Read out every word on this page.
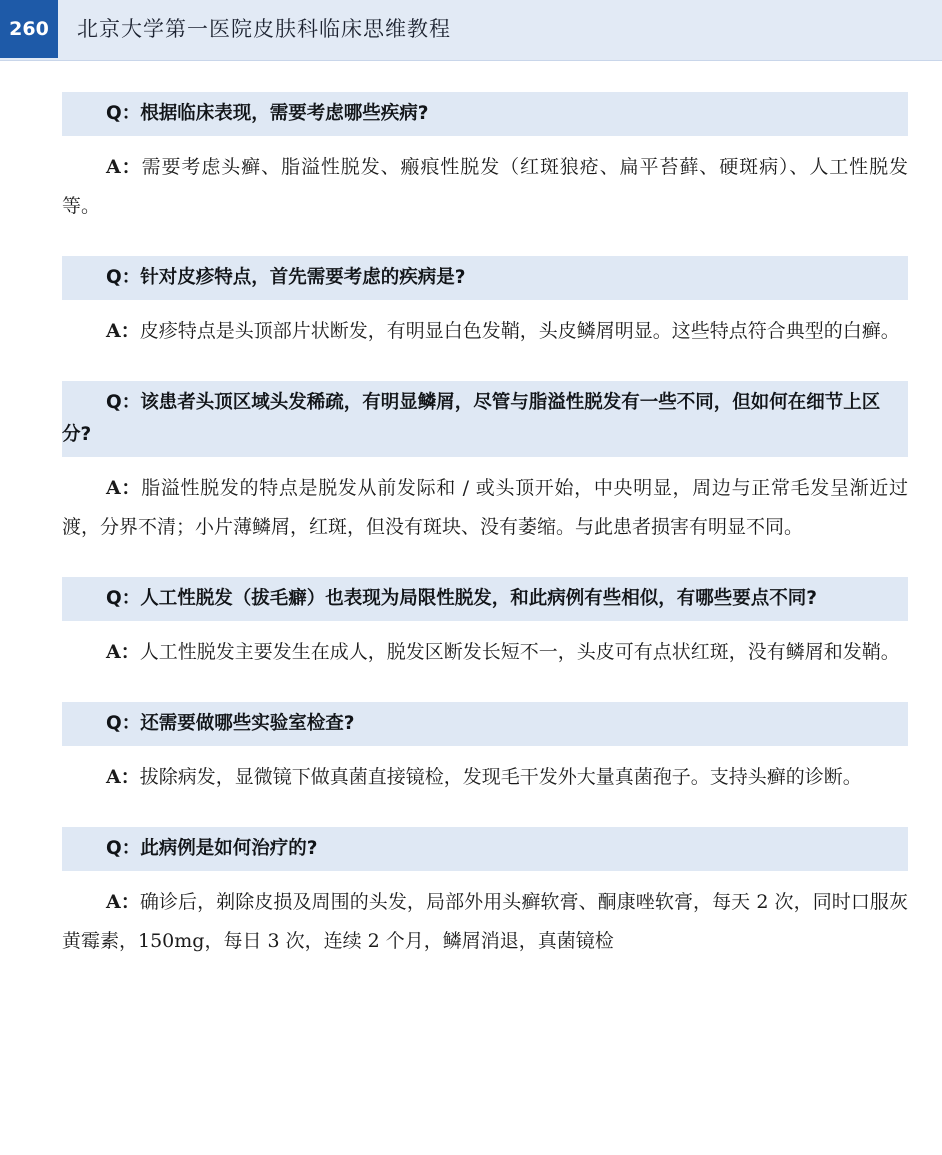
260	北京大学第一医院皮肤科临床思维教程
Q：根据临床表现，需要考虑哪些疾病?
A：需要考虑头癣、脂溢性脱发、瘢痕性脱发（红斑狼疮、扁平苔藓、硬斑病）、人工性脱发等。
Q：针对皮疹特点，首先需要考虑的疾病是?
A：皮疹特点是头顶部片状断发，有明显白色发鞘，头皮鳞屑明显。这些特点符合典型的白癣。
Q：该患者头顶区域头发稀疏，有明显鳞屑，尽管与脂溢性脱发有一些不同，但如何在细节上区分?
A：脂溢性脱发的特点是脱发从前发际和 / 或头顶开始，中央明显，周边与正常毛发呈渐近过渡，分界不清；小片薄鳞屑，红斑，但没有斑块、没有萎缩。与此患者损害有明显不同。
Q：人工性脱发（拔毛癖）也表现为局限性脱发，和此病例有些相似，有哪些要点不同?
A：人工性脱发主要发生在成人，脱发区断发长短不一，头皮可有点状红斑，没有鳞屑和发鞘。
Q：还需要做哪些实验室检查?
A：拔除病发，显微镜下做真菌直接镜检，发现毛干发外大量真菌孢子。支持头癣的诊断。
Q：此病例是如何治疗的?
A：确诊后，剃除皮损及周围的头发，局部外用头癣软膏、酮康唑软膏，每天 2 次，同时口服灰黄霉素，150mg，每日 3 次，连续 2 个月，鳞屑消退，真菌镜检
